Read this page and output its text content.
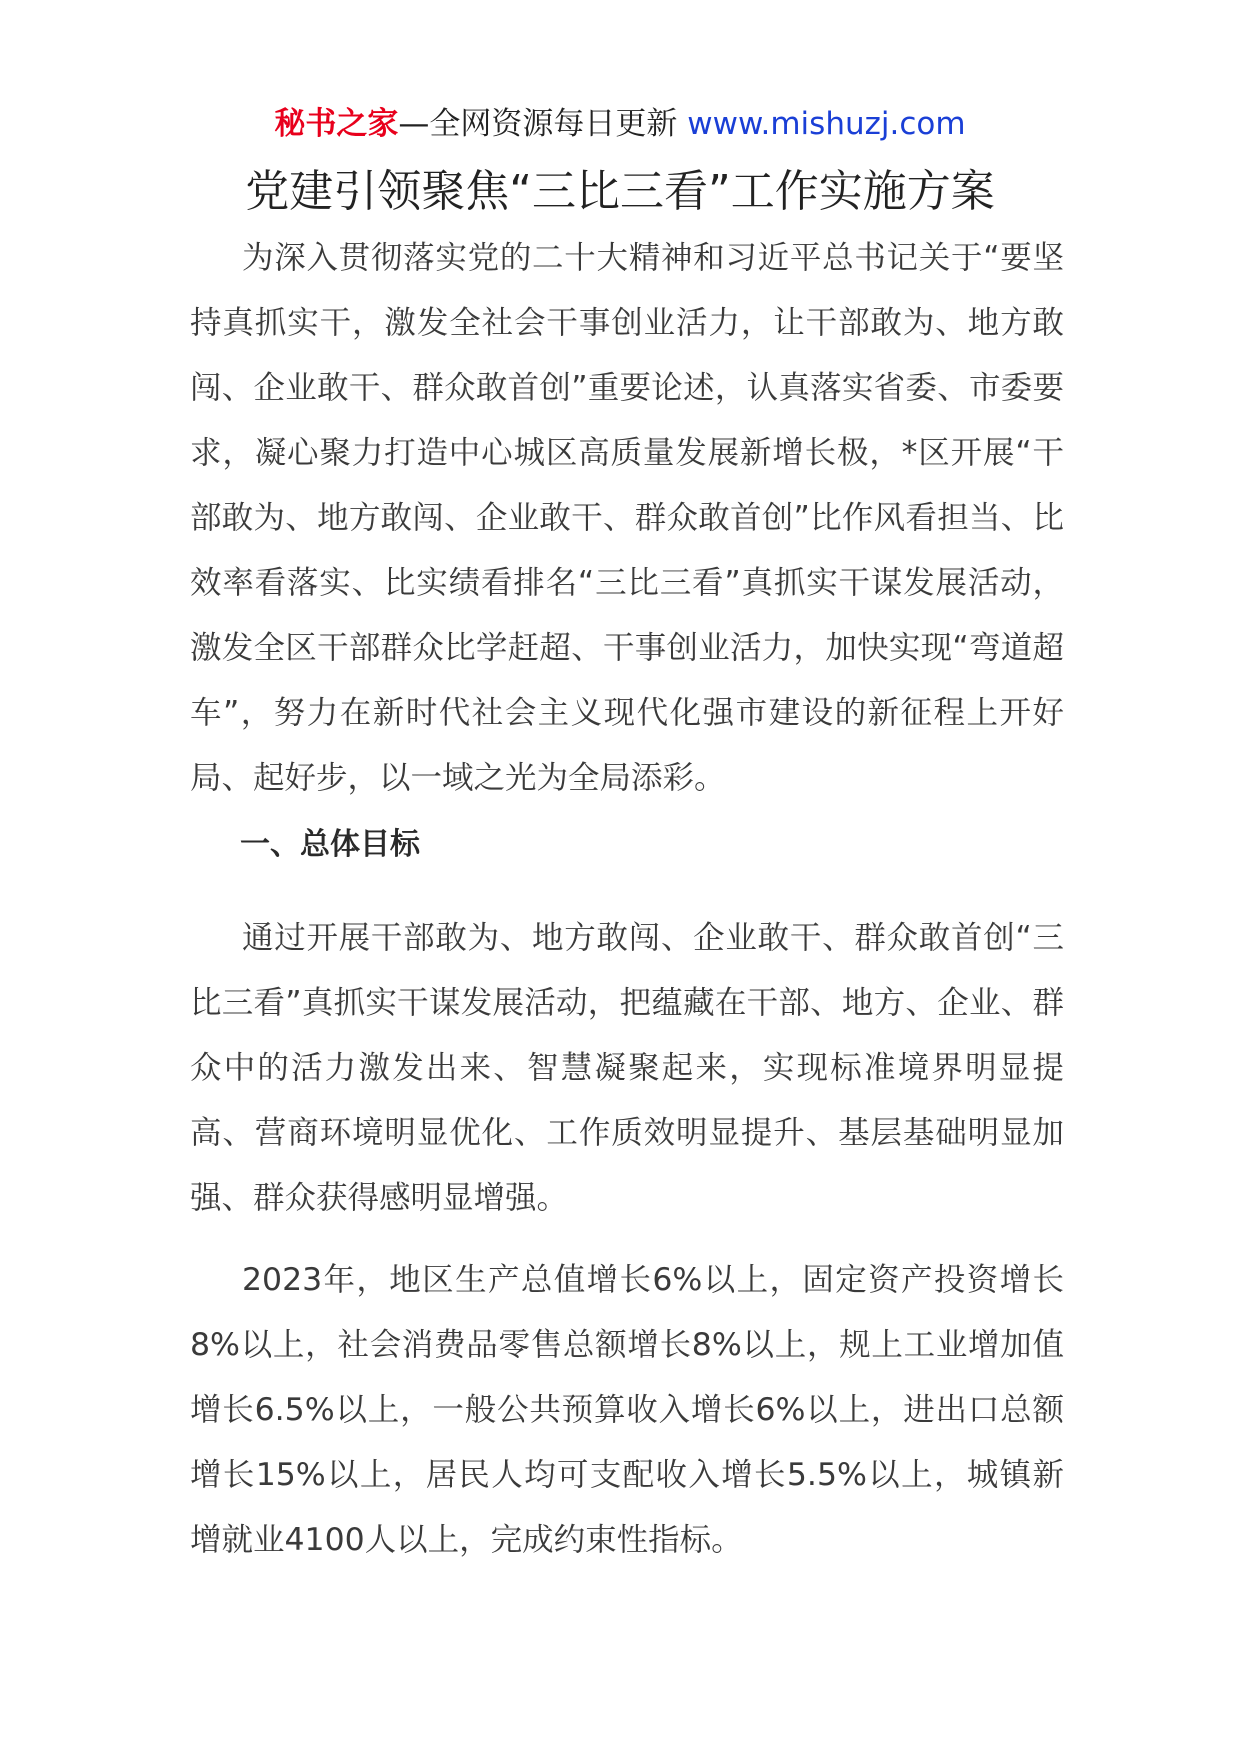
秘书之家—全网资源每日更新 www.mishuzj.com
党建引领聚焦“三比三看”工作实施方案

为深入贯彻落实党的二十大精神和习近平总书记关于“要坚持真抓实干，激发全社会干事创业活力，让干部敢为、地方敢闯、企业敢干、群众敢首创”重要论述，认真落实省委、市委要求，凝心聚力打造中心城区高质量发展新增长极，*区开展“干部敢为、地方敢闯、企业敢干、群众敢首创”比作风看担当、比效率看落实、比实绩看排名“三比三看”真抓实干谋发展活动，激发全区干部群众比学赶超、干事创业活力，加快实现“弯道超车”，努力在新时代社会主义现代化强市建设的新征程上开好局、起好步，以一域之光为全局添彩。

一、总体目标

通过开展干部敢为、地方敢闯、企业敢干、群众敢首创“三比三看”真抓实干谋发展活动，把蕴藏在干部、地方、企业、群众中的活力激发出来、智慧凝聚起来，实现标准境界明显提高、营商环境明显优化、工作质效明显提升、基层基础明显加强、群众获得感明显增强。

2023年，地区生产总值增长6%以上，固定资产投资增长8%以上，社会消费品零售总额增长8%以上，规上工业增加值增长6.5%以上，一般公共预算收入增长6%以上，进出口总额增长15%以上，居民人均可支配收入增长5.5%以上，城镇新增就业4100人以上，完成约束性指标。
